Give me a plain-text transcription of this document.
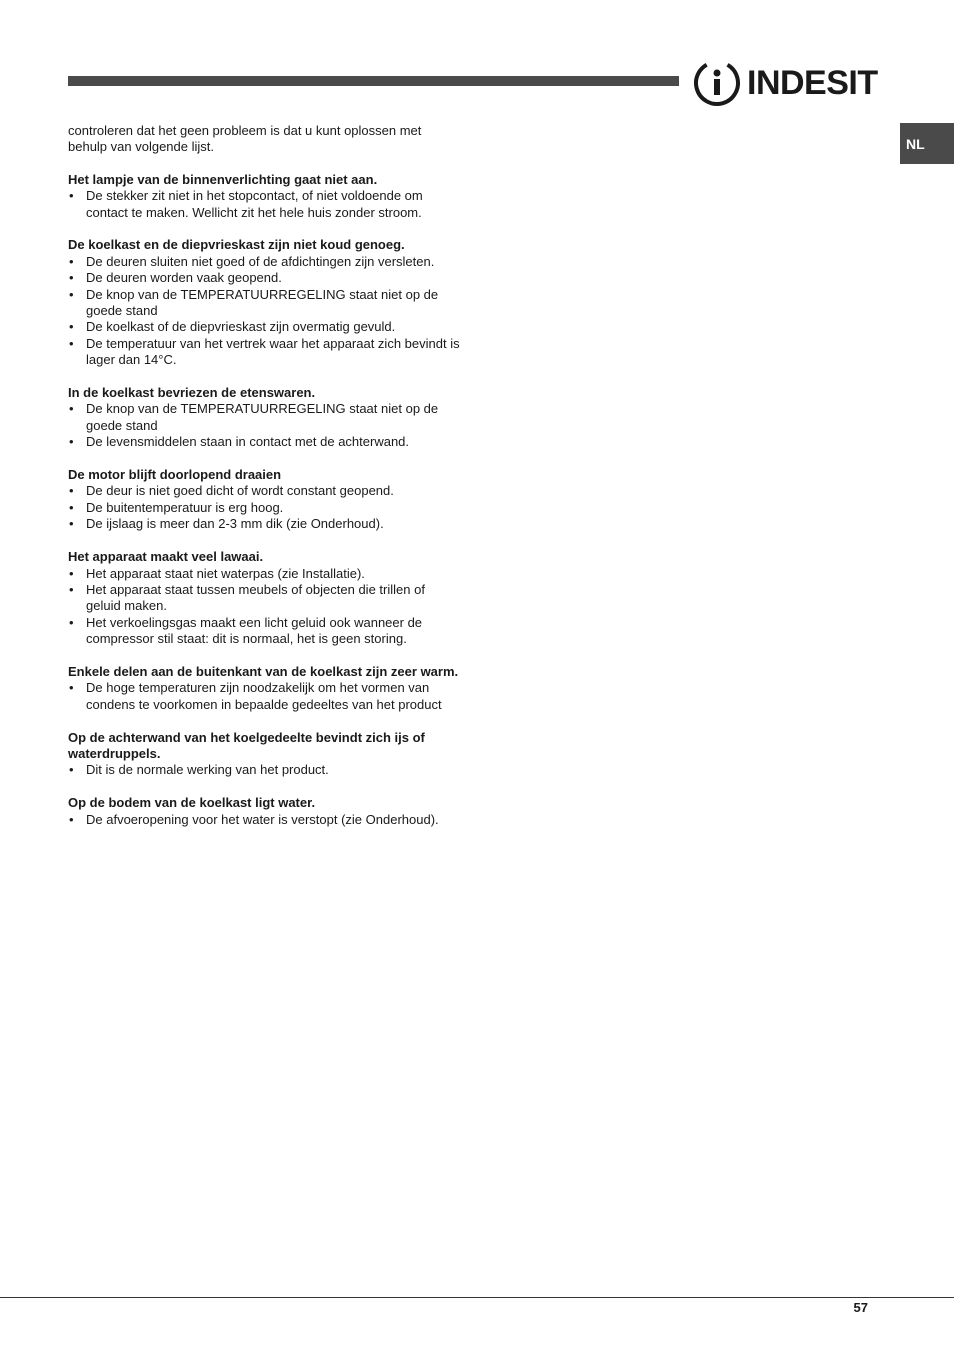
INDESIT
NL

controleren dat het geen probleem is dat u kunt oplossen met behulp van volgende lijst.

Het lampje van de binnenverlichting gaat niet aan.

• De stekker zit niet in het stopcontact, of niet voldoende om contact te maken. Wellicht zit het hele huis zonder stroom.

De koelkast en de diepvrieskast zijn niet koud genoeg.

• De deuren sluiten niet goed of de afdichtingen zijn versleten.
• De deuren worden vaak geopend.
• De knop van de TEMPERATUURREGELING staat niet op de goede stand
• De koelkast of de diepvrieskast zijn overmatig gevuld.
• De temperatuur van het vertrek waar het apparaat zich bevindt is lager dan 14°C.

In de koelkast bevriezen de etenswaren.

• De knop van de TEMPERATUURREGELING staat niet op de goede stand
• De levensmiddelen staan in contact met de achterwand.

De motor blijft doorlopend draaien

• De deur is niet goed dicht of wordt constant geopend.
• De buitentemperatuur is erg hoog.
• De ijslaag is meer dan 2-3 mm dik (zie Onderhoud).

Het apparaat maakt veel lawaai.

• Het apparaat staat niet waterpas (zie Installatie).
• Het apparaat staat tussen meubels of objecten die trillen of geluid maken.
• Het verkoelingsgas maakt een licht geluid ook wanneer de compressor stil staat: dit is normaal, het is geen storing.

Enkele delen aan de buitenkant van de koelkast zijn zeer warm.

• De hoge temperaturen zijn noodzakelijk om het vormen van condens te voorkomen in bepaalde gedeeltes van het product

Op de achterwand van het koelgedeelte bevindt zich ijs of waterdruppels.

• Dit is de normale werking van het product.

Op de bodem van de koelkast ligt water.

• De afvoeropening voor het water is verstopt (zie Onderhoud).
57
